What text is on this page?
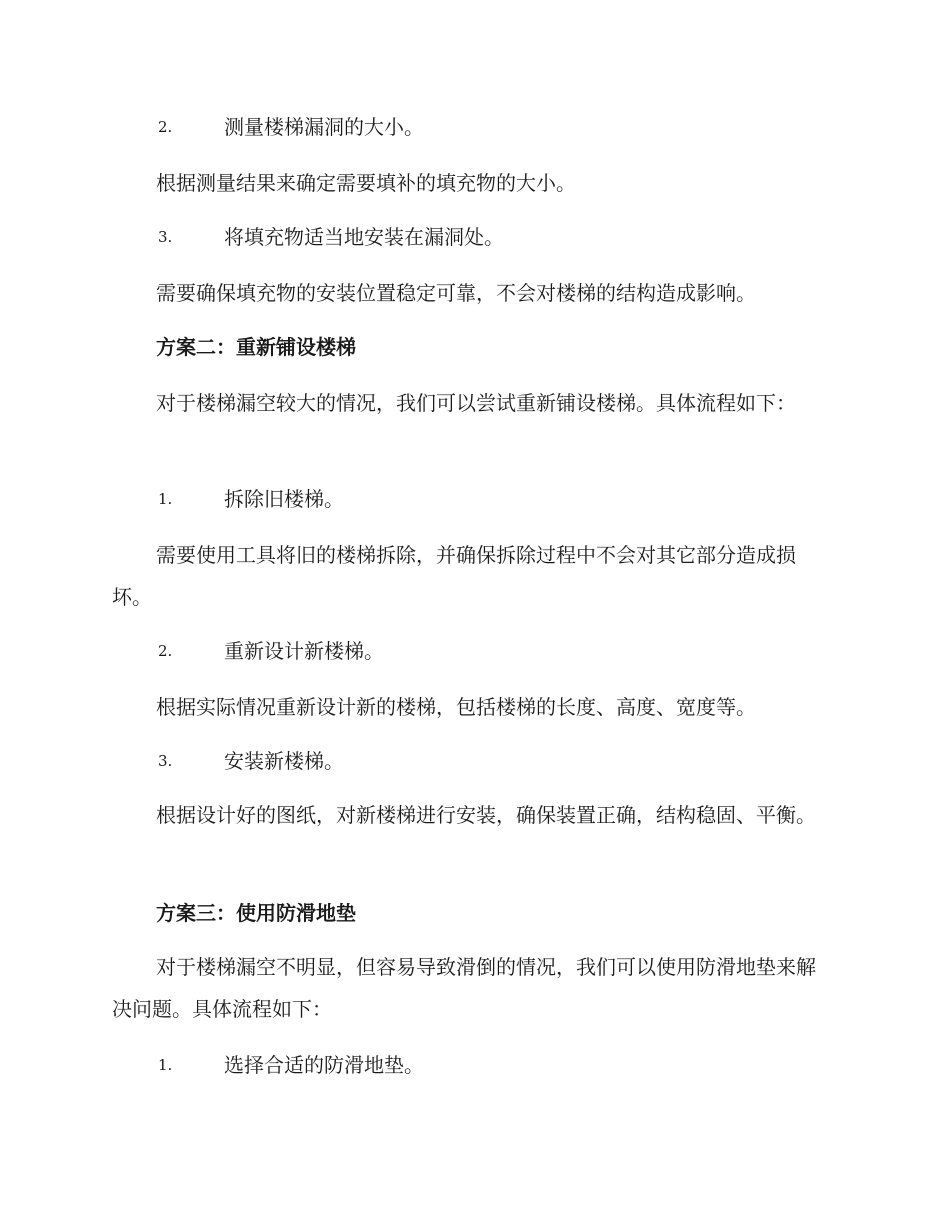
2.	测量楼梯漏洞的大小。
根据测量结果来确定需要填补的填充物的大小。
3.	将填充物适当地安装在漏洞处。
需要确保填充物的安装位置稳定可靠，不会对楼梯的结构造成影响。
方案二：重新铺设楼梯
对于楼梯漏空较大的情况，我们可以尝试重新铺设楼梯。具体流程如下：
1.	拆除旧楼梯。
需要使用工具将旧的楼梯拆除，并确保拆除过程中不会对其它部分造成损坏。
2.	重新设计新楼梯。
根据实际情况重新设计新的楼梯，包括楼梯的长度、高度、宽度等。
3.	安装新楼梯。
根据设计好的图纸，对新楼梯进行安装，确保装置正确，结构稳固、平衡。
方案三：使用防滑地垫
对于楼梯漏空不明显，但容易导致滑倒的情况，我们可以使用防滑地垫来解决问题。具体流程如下：
1.	选择合适的防滑地垫。
